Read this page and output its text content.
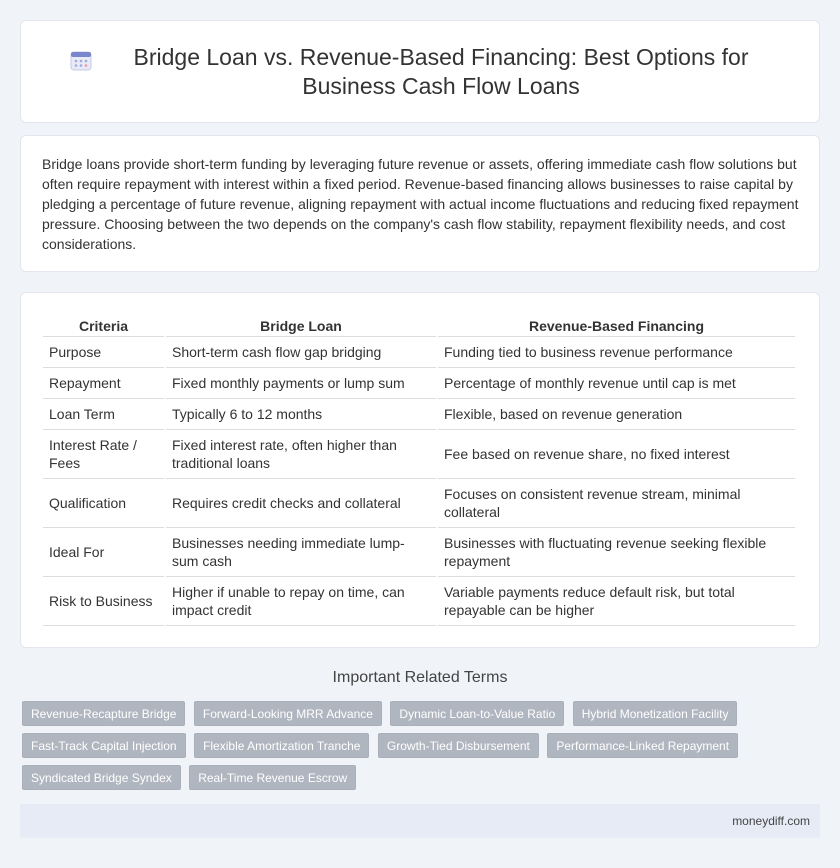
Bridge Loan vs. Revenue-Based Financing: Best Options for Business Cash Flow Loans

Bridge loans provide short-term funding by leveraging future revenue or assets, offering immediate cash flow solutions but often require repayment with interest within a fixed period. Revenue-based financing allows businesses to raise capital by pledging a percentage of future revenue, aligning repayment with actual income fluctuations and reducing fixed repayment pressure. Choosing between the two depends on the company's cash flow stability, repayment flexibility needs, and cost considerations.

Criteria	Bridge Loan	Revenue-Based Financing
Purpose	Short-term cash flow gap bridging	Funding tied to business revenue performance
Repayment	Fixed monthly payments or lump sum	Percentage of monthly revenue until cap is met
Loan Term	Typically 6 to 12 months	Flexible, based on revenue generation
Interest Rate / Fees	Fixed interest rate, often higher than traditional loans	Fee based on revenue share, no fixed interest
Qualification	Requires credit checks and collateral	Focuses on consistent revenue stream, minimal collateral
Ideal For	Businesses needing immediate lump-sum cash	Businesses with fluctuating revenue seeking flexible repayment
Risk to Business	Higher if unable to repay on time, can impact credit	Variable payments reduce default risk, but total repayable can be higher
Important Related Terms
Revenue-Recapture Bridge Forward-Looking MRR Advance Dynamic Loan-to-Value Ratio Hybrid Monetization Facility Fast-Track Capital Injection Flexible Amortization Tranche Growth-Tied Disbursement Performance-Linked Repayment Syndicated Bridge Syndex Real-Time Revenue Escrow
moneydiff.com
